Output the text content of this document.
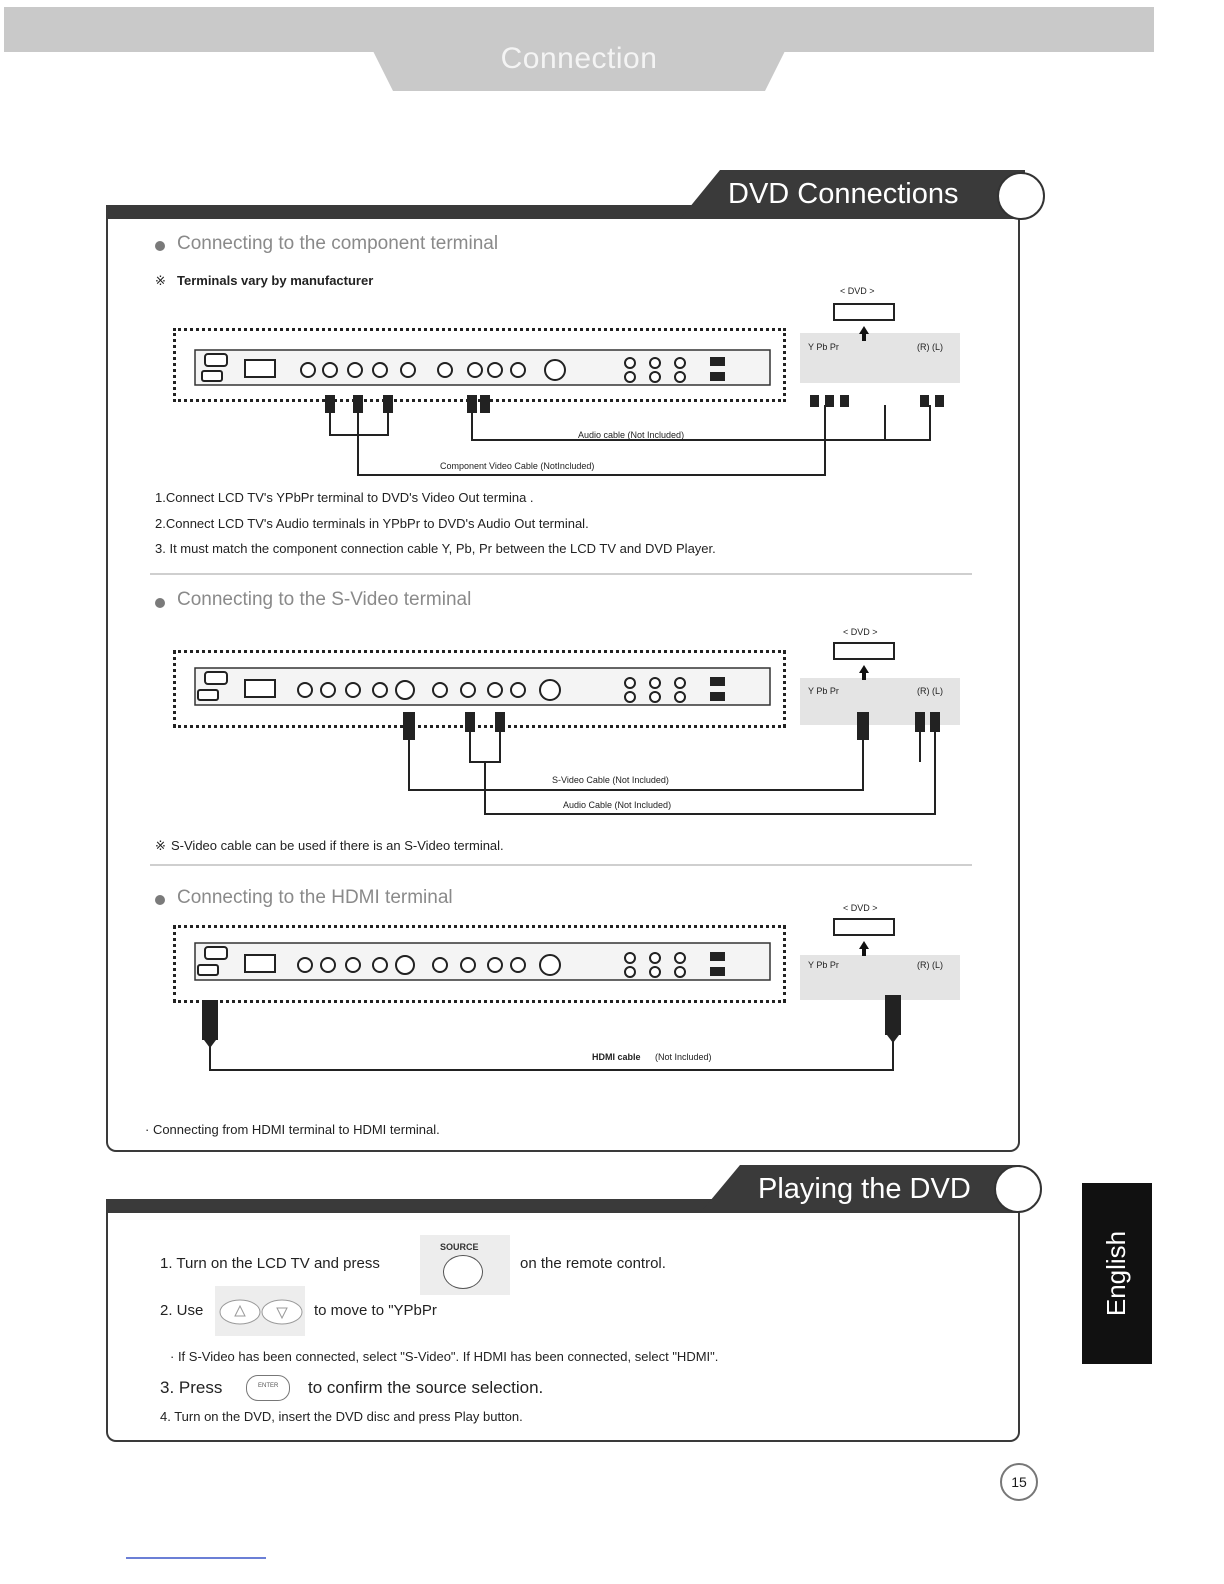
Connection
DVD Connections
Connecting to the component terminal
※ Terminals vary by manufacturer
< DVD >
Y Pb Pr	(R) (L)
Audio cable (Not Included)
Component Video Cable (NotIncluded)
1.Connect LCD TV's YPbPr terminal to DVD's Video Out termina .
2.Connect LCD TV's Audio terminals in YPbPr to DVD's Audio Out terminal.
3. It must match the component connection cable Y, Pb, Pr between the LCD TV and DVD Player.
Connecting to the S-Video terminal
< DVD >
Y Pb Pr	(R) (L)
S-Video Cable (Not Included)
Audio Cable (Not Included)
※ S-Video cable can be used if there is an S-Video terminal.
Connecting to the HDMI terminal	< DVD >
Y Pb Pr	(R) (L)
HDMI cable (Not Included)
· Connecting from HDMI terminal to HDMI terminal.
Playing the DVD
1. Turn on the LCD TV and press
SOURCE
on the remote control.
2. Use	to move to "YPbPr
· If S-Video has been connected, select "S-Video". If HDMI has been connected, select "HDMI".
3. Press	ENTER to confirm the source selection.
4. Turn on the DVD, insert the DVD disc and press Play button.
English
15
